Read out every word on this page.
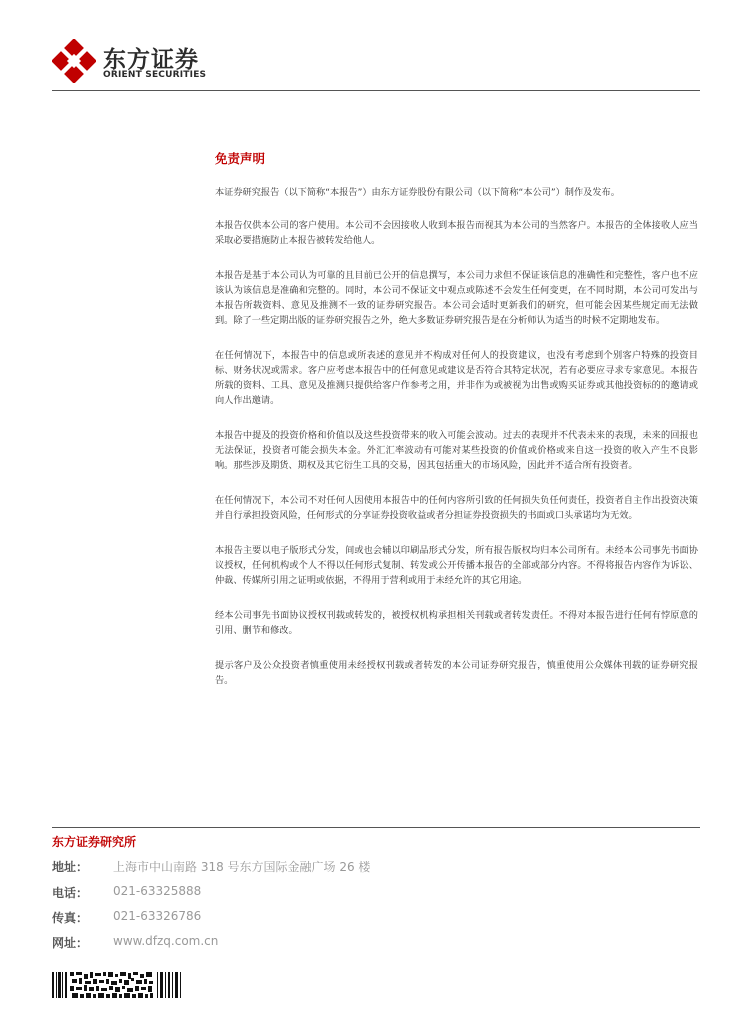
东方证券
ORIENT SECURITIES
免责声明

本证券研究报告（以下简称“本报告”）由东方证券股份有限公司（以下简称“本公司”）制作及发布。

本报告仅供本公司的客户使用。本公司不会因接收人收到本报告而视其为本公司的当然客户。本报告的全体接收人应当采取必要措施防止本报告被转发给他人。

本报告是基于本公司认为可靠的且目前已公开的信息撰写，本公司力求但不保证该信息的准确性和完整性，客户也不应该认为该信息是准确和完整的。同时，本公司不保证文中观点或陈述不会发生任何变更，在不同时期，本公司可发出与本报告所载资料、意见及推测不一致的证券研究报告。本公司会适时更新我们的研究，但可能会因某些规定而无法做到。除了一些定期出版的证券研究报告之外，绝大多数证券研究报告是在分析师认为适当的时候不定期地发布。

在任何情况下，本报告中的信息或所表述的意见并不构成对任何人的投资建议，也没有考虑到个别客户特殊的投资目标、财务状况或需求。客户应考虑本报告中的任何意见或建议是否符合其特定状况，若有必要应寻求专家意见。本报告所载的资料、工具、意见及推测只提供给客户作参考之用，并非作为或被视为出售或购买证券或其他投资标的的邀请或向人作出邀请。

本报告中提及的投资价格和价值以及这些投资带来的收入可能会波动。过去的表现并不代表未来的表现，未来的回报也无法保证，投资者可能会损失本金。外汇汇率波动有可能对某些投资的价值或价格或来自这一投资的收入产生不良影响。那些涉及期货、期权及其它衍生工具的交易，因其包括重大的市场风险，因此并不适合所有投资者。

在任何情况下，本公司不对任何人因使用本报告中的任何内容所引致的任何损失负任何责任，投资者自主作出投资决策并自行承担投资风险，任何形式的分享证券投资收益或者分担证券投资损失的书面或口头承诺均为无效。

本报告主要以电子版形式分发，间或也会辅以印刷品形式分发，所有报告版权均归本公司所有。未经本公司事先书面协议授权，任何机构或个人不得以任何形式复制、转发或公开传播本报告的全部或部分内容。不得将报告内容作为诉讼、仲裁、传媒所引用之证明或依据，不得用于营利或用于未经允许的其它用途。

经本公司事先书面协议授权刊载或转发的，被授权机构承担相关刊载或者转发责任。不得对本报告进行任何有悖原意的引用、删节和修改。

提示客户及公众投资者慎重使用未经授权刊载或者转发的本公司证券研究报告，慎重使用公众媒体刊载的证券研究报告。

东方证券研究所
地址： 上海市中山南路 318 号东方国际金融广场 26 楼
电话： 021-63325888
传真： 021-63326786
网址： www.dfzq.com.cn
